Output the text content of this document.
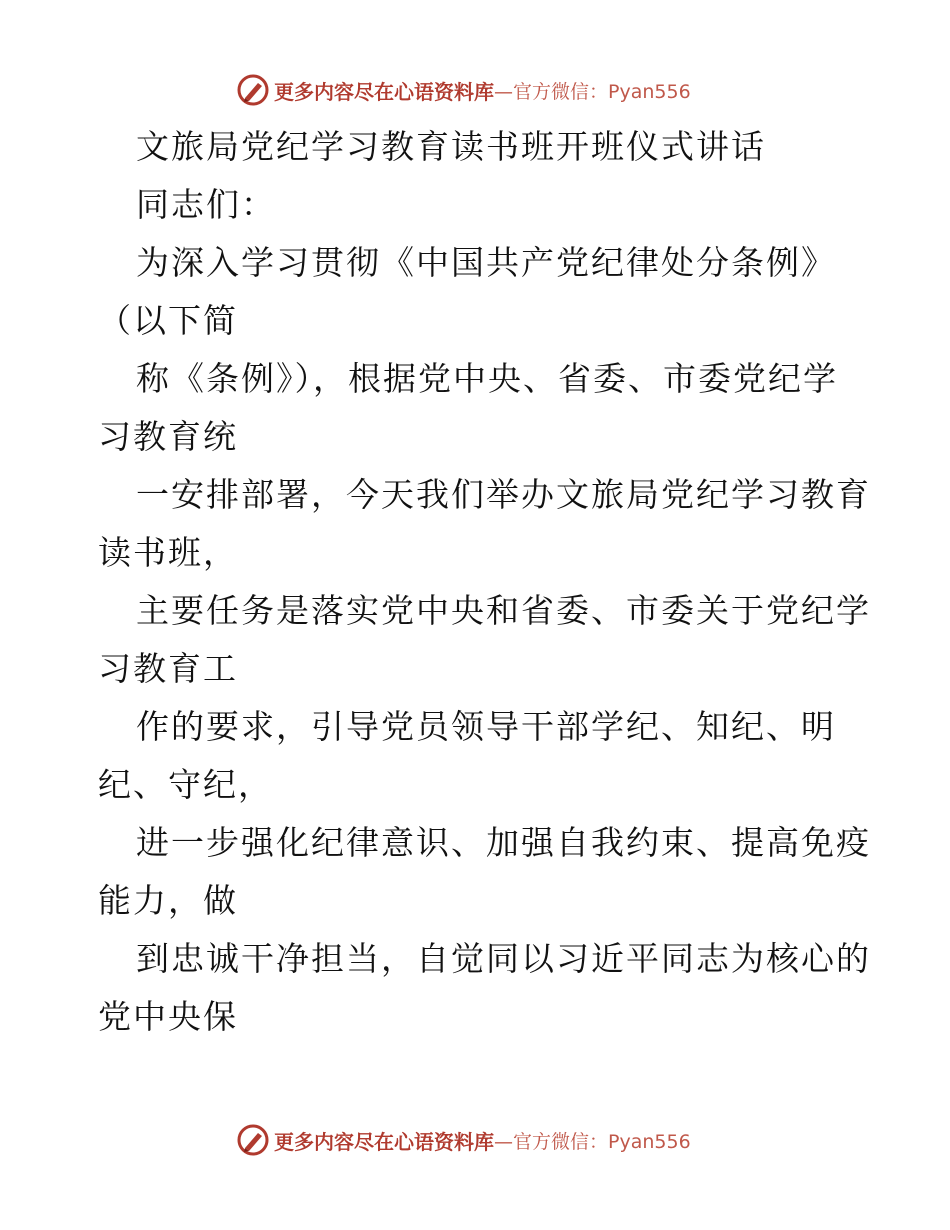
更多内容尽在心语资料库 —官方微信：Pyan556
文旅局党纪学习教育读书班开班仪式讲话
同志们：
为深入学习贯彻《中国共产党纪律处分条例》
（以下简
称《条例》），根据党中央、省委、市委党纪学
习教育统
一安排部署，今天我们举办文旅局党纪学习教育
读书班，
主要任务是落实党中央和省委、市委关于党纪学
习教育工
作的要求，引导党员领导干部学纪、知纪、明
纪、守纪，
进一步强化纪律意识、加强自我约束、提高免疫
能力，做
到忠诚干净担当，自觉同以习近平同志为核心的
党中央保
更多内容尽在心语资料库 —官方微信：Pyan556
